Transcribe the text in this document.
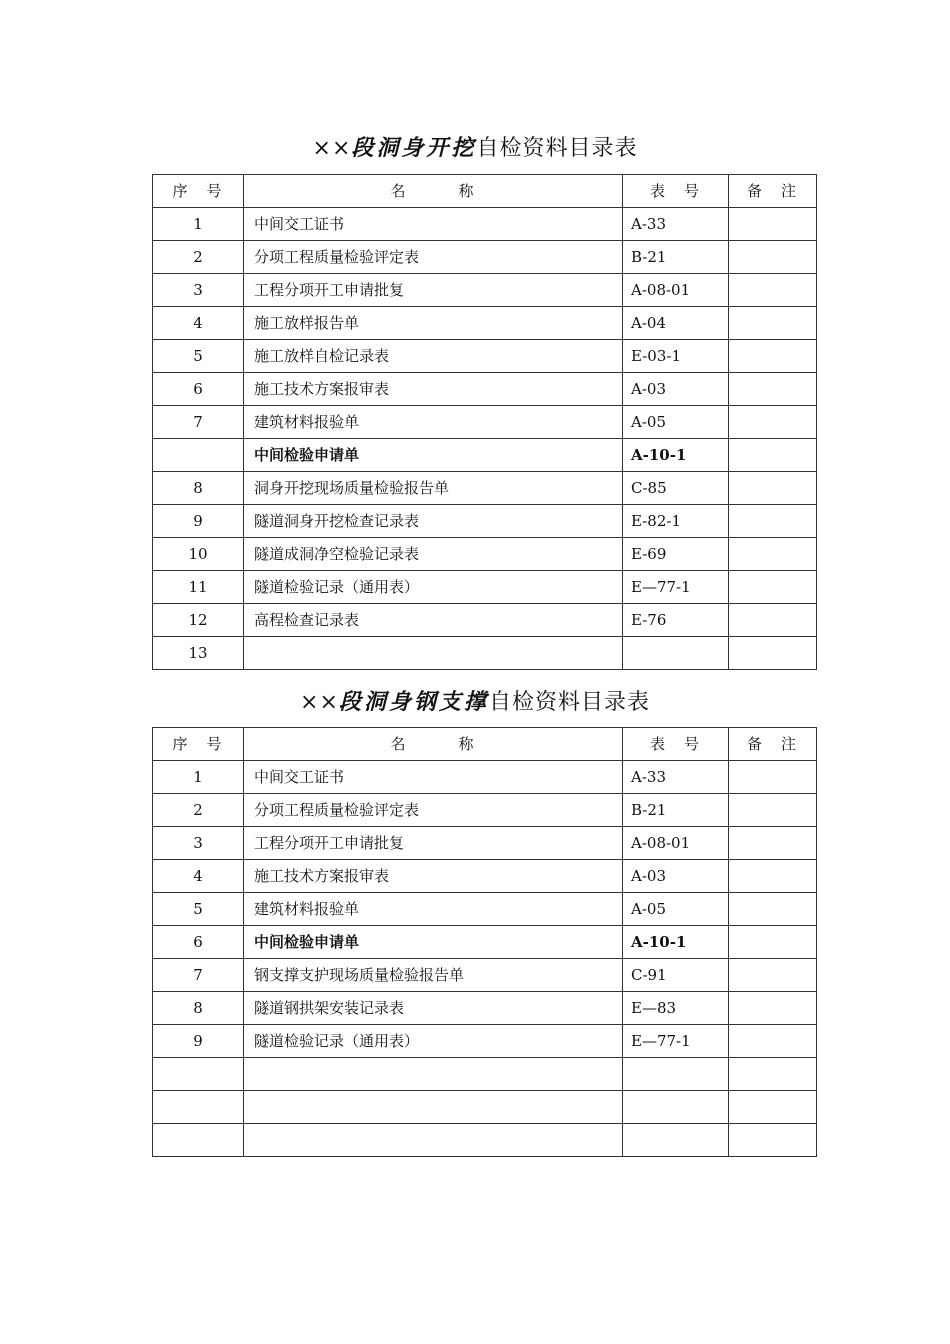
××段洞身开挖自检资料目录表
序　号	名　　　称	表　号	备　注
1	中间交工证书	A-33	
2	分项工程质量检验评定表	B-21	
3	工程分项开工申请批复	A-08-01	
4	施工放样报告单	A-04	
5	施工放样自检记录表	E-03-1	
6	施工技术方案报审表	A-03	
7	建筑材料报验单	A-05	
	中间检验申请单	A-10-1	
8	洞身开挖现场质量检验报告单	C-85	
9	隧道洞身开挖检查记录表	E-82-1	
10	隧道成洞净空检验记录表	E-69	
11	隧道检验记录（通用表）	E—77-1	
12	高程检查记录表	E-76	
13			
××段洞身钢支撑自检资料目录表
序　号	名　　　称	表　号	备　注
1	中间交工证书	A-33	
2	分项工程质量检验评定表	B-21	
3	工程分项开工申请批复	A-08-01	
4	施工技术方案报审表	A-03	
5	建筑材料报验单	A-05	
6	中间检验申请单	A-10-1	
7	钢支撑支护现场质量检验报告单	C-91	
8	隧道钢拱架安装记录表	E—83	
9	隧道检验记录（通用表）	E—77-1	
